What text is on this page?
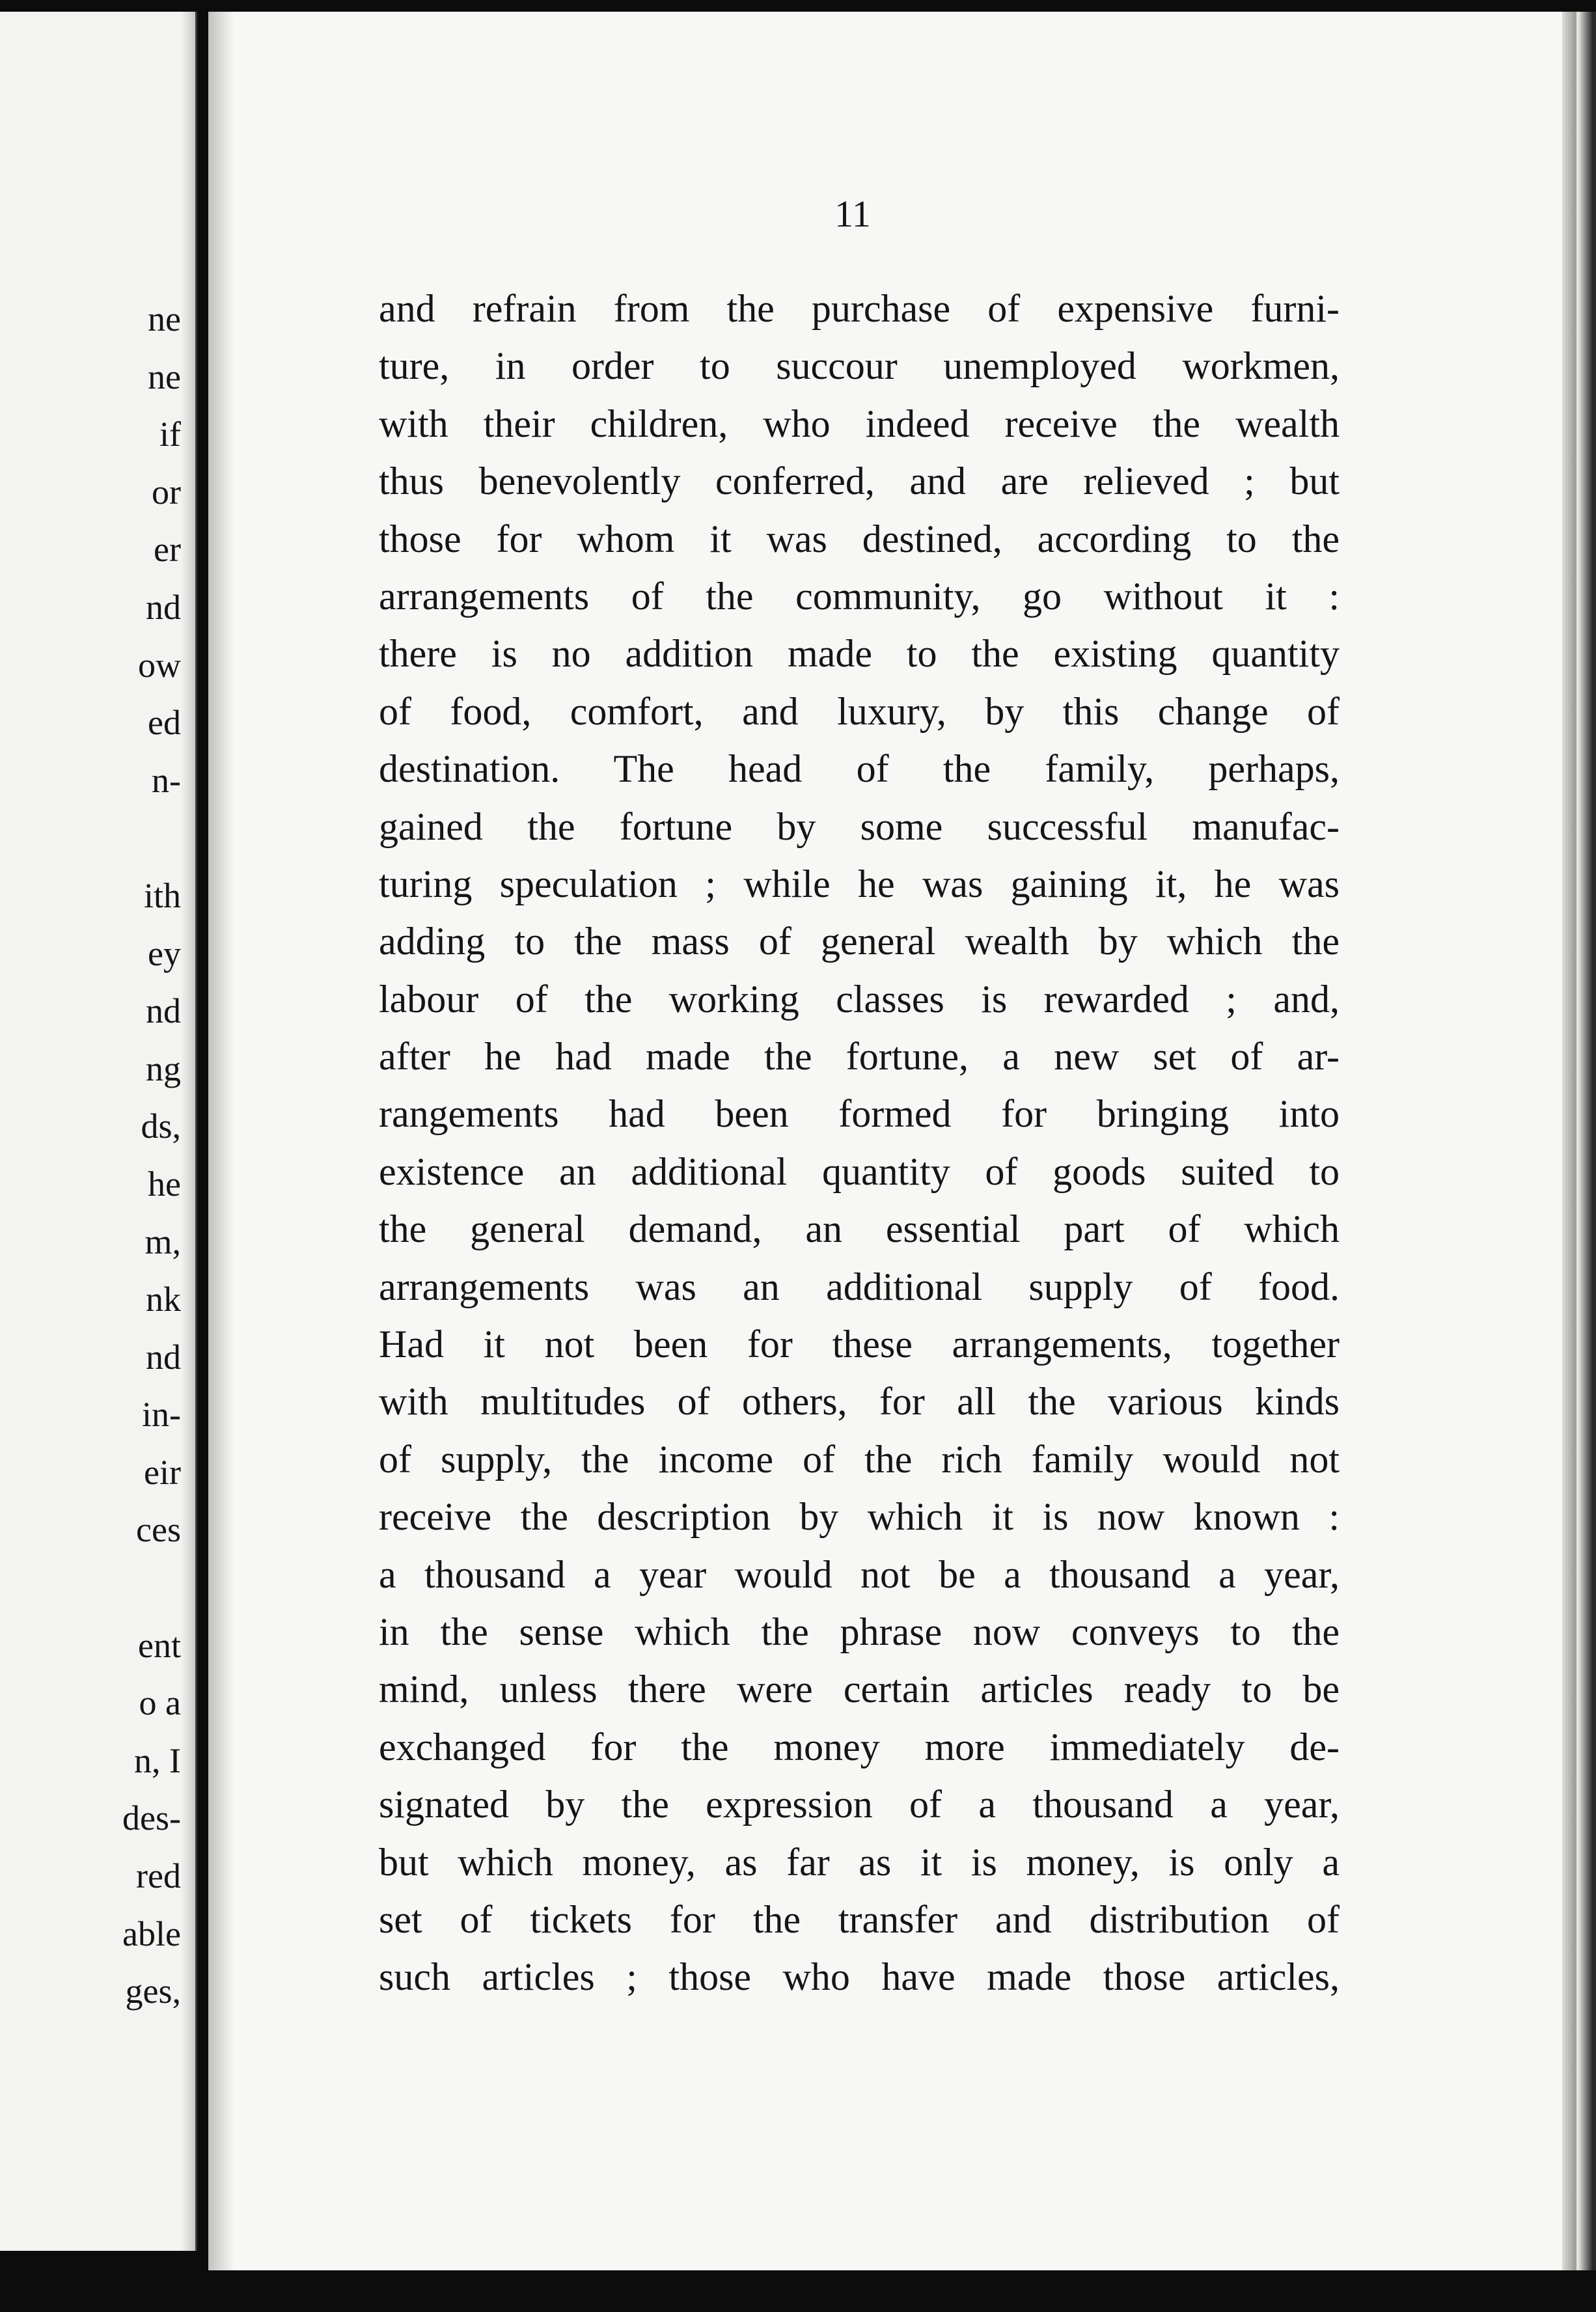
ne
ne
if
or
er
nd
ow
ed
n-
ith
ey
nd
ng
ds,
he
m,
nk
nd
in-
eir
ces
ent
o a
n, I
des-
red
able
ges,
11
and refrain from the purchase of expensive furni-
ture, in order to succour unemployed workmen,
with their children, who indeed receive the wealth
thus benevolently conferred, and are relieved ; but
those for whom it was destined, according to the
arrangements of the community, go without it :
there is no addition made to the existing quantity
of food, comfort, and luxury, by this change of
destination. The head of the family, perhaps,
gained the fortune by some successful manufac-
turing speculation ; while he was gaining it, he was
adding to the mass of general wealth by which the
labour of the working classes is rewarded ; and,
after he had made the fortune, a new set of ar-
rangements had been formed for bringing into
existence an additional quantity of goods suited to
the general demand, an essential part of which
arrangements was an additional supply of food.
Had it not been for these arrangements, together
with multitudes of others, for all the various kinds
of supply, the income of the rich family would not
receive the description by which it is now known :
a thousand a year would not be a thousand a year,
in the sense which the phrase now conveys to the
mind, unless there were certain articles ready to be
exchanged for the money more immediately de-
signated by the expression of a thousand a year,
but which money, as far as it is money, is only a
set of tickets for the transfer and distribution of
such articles ; those who have made those articles,
